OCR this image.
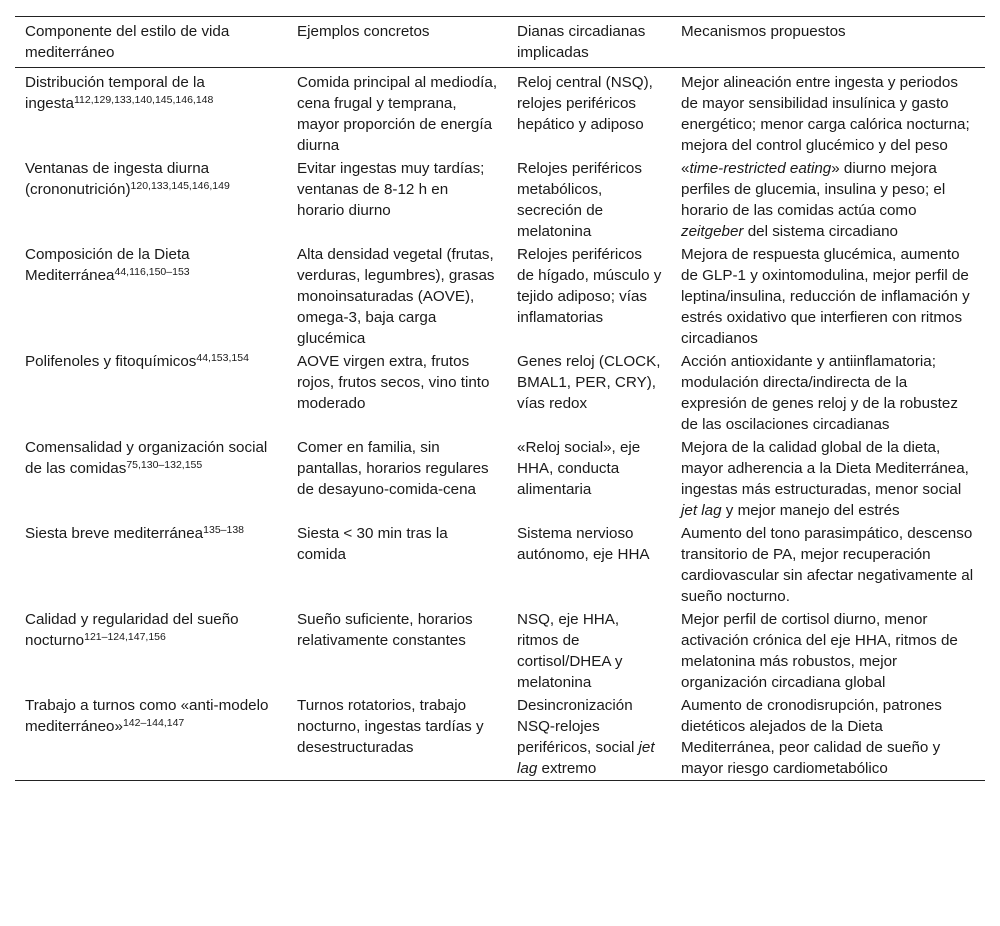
Componente del estilo de vida mediterráneo	Ejemplos concretos	Dianas circadianas implicadas	Mecanismos propuestos
Distribución temporal de la ingesta$^{112,129,133,140,145,146,148}$	Comida principal al mediodía, cena frugal y temprana, mayor proporción de energía diurna	Reloj central (NSQ), relojes periféricos hepático y adiposo	Mejor alineación entre ingesta y periodos de mayor sensibilidad insulínica y gasto energético; menor carga calórica nocturna; mejora del control glucémico y del peso
Ventanas de ingesta diurna (crononutrición)$^{120,133,145,146,149}$	Evitar ingestas muy tardías; ventanas de 8-12 h en horario diurno	Relojes periféricos metabólicos, secreción de melatonina	«time-restricted eating» diurno mejora perfiles de glucemia, insulina y peso; el horario de las comidas actúa como zeitgeber del sistema circadiano
Composición de la Dieta Mediterránea$^{44,116,150-153}$	Alta densidad vegetal (frutas, verduras, legumbres), grasas monoinsaturadas (AOVE), omega-3, baja carga glucémica	Relojes periféricos de hígado, músculo y tejido adiposo; vías inflamatorias	Mejora de respuesta glucémica, aumento de GLP-1 y oxintomodulina, mejor perfil de leptina/insulina, reducción de inflamación y estrés oxidativo que interfieren con ritmos circadianos
Polifenoles y fitoquímicos$^{44,153,154}$	AOVE virgen extra, frutos rojos, frutos secos, vino tinto moderado	Genes reloj (CLOCK, BMAL1, PER, CRY), vías redox	Acción antioxidante y antiinflamatoria; modulación directa/indirecta de la expresión de genes reloj y de la robustez de las oscilaciones circadianas
Comensalidad y organización social de las comidas$^{75,130-132,155}$	Comer en familia, sin pantallas, horarios regulares de desayuno-comida-cena	«Reloj social», eje HHA, conducta alimentaria	Mejora de la calidad global de la dieta, mayor adherencia a la Dieta Mediterránea, ingestas más estructuradas, menor social jet lag y mejor manejo del estrés
Siesta breve mediterránea$^{135-138}$	Siesta < 30 min tras la comida	Sistema nervioso autónomo, eje HHA	Aumento del tono parasimpático, descenso transitorio de PA, mejor recuperación cardiovascular sin afectar negativamente al sueño nocturno.
Calidad y regularidad del sueño nocturno$^{121-124,147,156}$	Sueño suficiente, horarios relativamente constantes	NSQ, eje HHA, ritmos de cortisol/DHEA y melatonina	Mejor perfil de cortisol diurno, menor activación crónica del eje HHA, ritmos de melatonina más robustos, mejor organización circadiana global
Trabajo a turnos como «anti-modelo mediterráneo»$^{142-144,147}$	Turnos rotatorios, trabajo nocturno, ingestas tardías y desestructuradas	Desincronización NSQ-relojes periféricos, social jet lag extremo	Aumento de cronodisrupción, patrones dietéticos alejados de la Dieta Mediterránea, peor calidad de sueño y mayor riesgo cardiometabólico
